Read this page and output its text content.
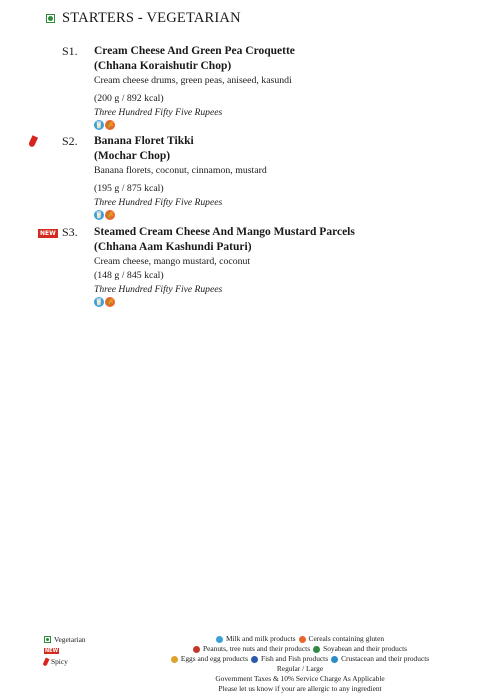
STARTERS - VEGETARIAN
S1. Cream Cheese And Green Pea Croquette
(Chhana Koraishutir Chop)
Cream cheese drums, green peas, aniseed, kasundi
(200 g / 892 kcal)
Three Hundred Fifty Five Rupees
🥛 🌾
S2. Banana Floret Tikki
(Mochar Chop)
Banana florets, coconut, cinnamon, mustard
(195 g / 875 kcal)
Three Hundred Fifty Five Rupees
🥛 🌾
NEW S3. Steamed Cream Cheese And Mango Mustard Parcels
(Chhana Aam Kashundi Paturi)
Cream cheese, mango mustard, coconut
(148 g / 845 kcal)
Three Hundred Fifty Five Rupees
🥛 🌾
Vegetarian
NEW
Spicy
Milk and milk products Cereals containing gluten
Peanuts, tree nuts and their products Soyabean and their products
Eggs and egg products Fish and Fish products Crustacean and their products
Regular / Large
Government Taxes & 10% Service Charge As Applicable
Please let us know if your are allergic to any ingredient
